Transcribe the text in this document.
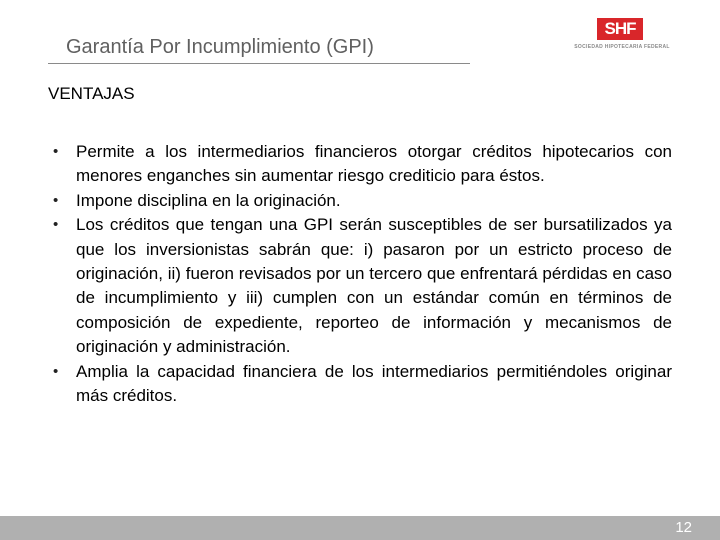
Garantía Por Incumplimiento (GPI)
SHF
SOCIEDAD HIPOTECARIA FEDERAL
VENTAJAS
• Permite a los intermediarios financieros otorgar créditos hipotecarios con menores enganches sin aumentar riesgo crediticio para éstos.
• Impone disciplina en la originación.
• Los créditos que tengan una GPI serán susceptibles de ser bursatilizados ya que los inversionistas sabrán que: i) pasaron por un estricto proceso de originación, ii) fueron revisados por un tercero que enfrentará pérdidas en caso de incumplimiento y iii) cumplen con un estándar común en términos de composición de expediente, reporteo de información y mecanismos de originación y administración.
• Amplia la capacidad financiera de los intermediarios permitiéndoles originar más créditos.
12
